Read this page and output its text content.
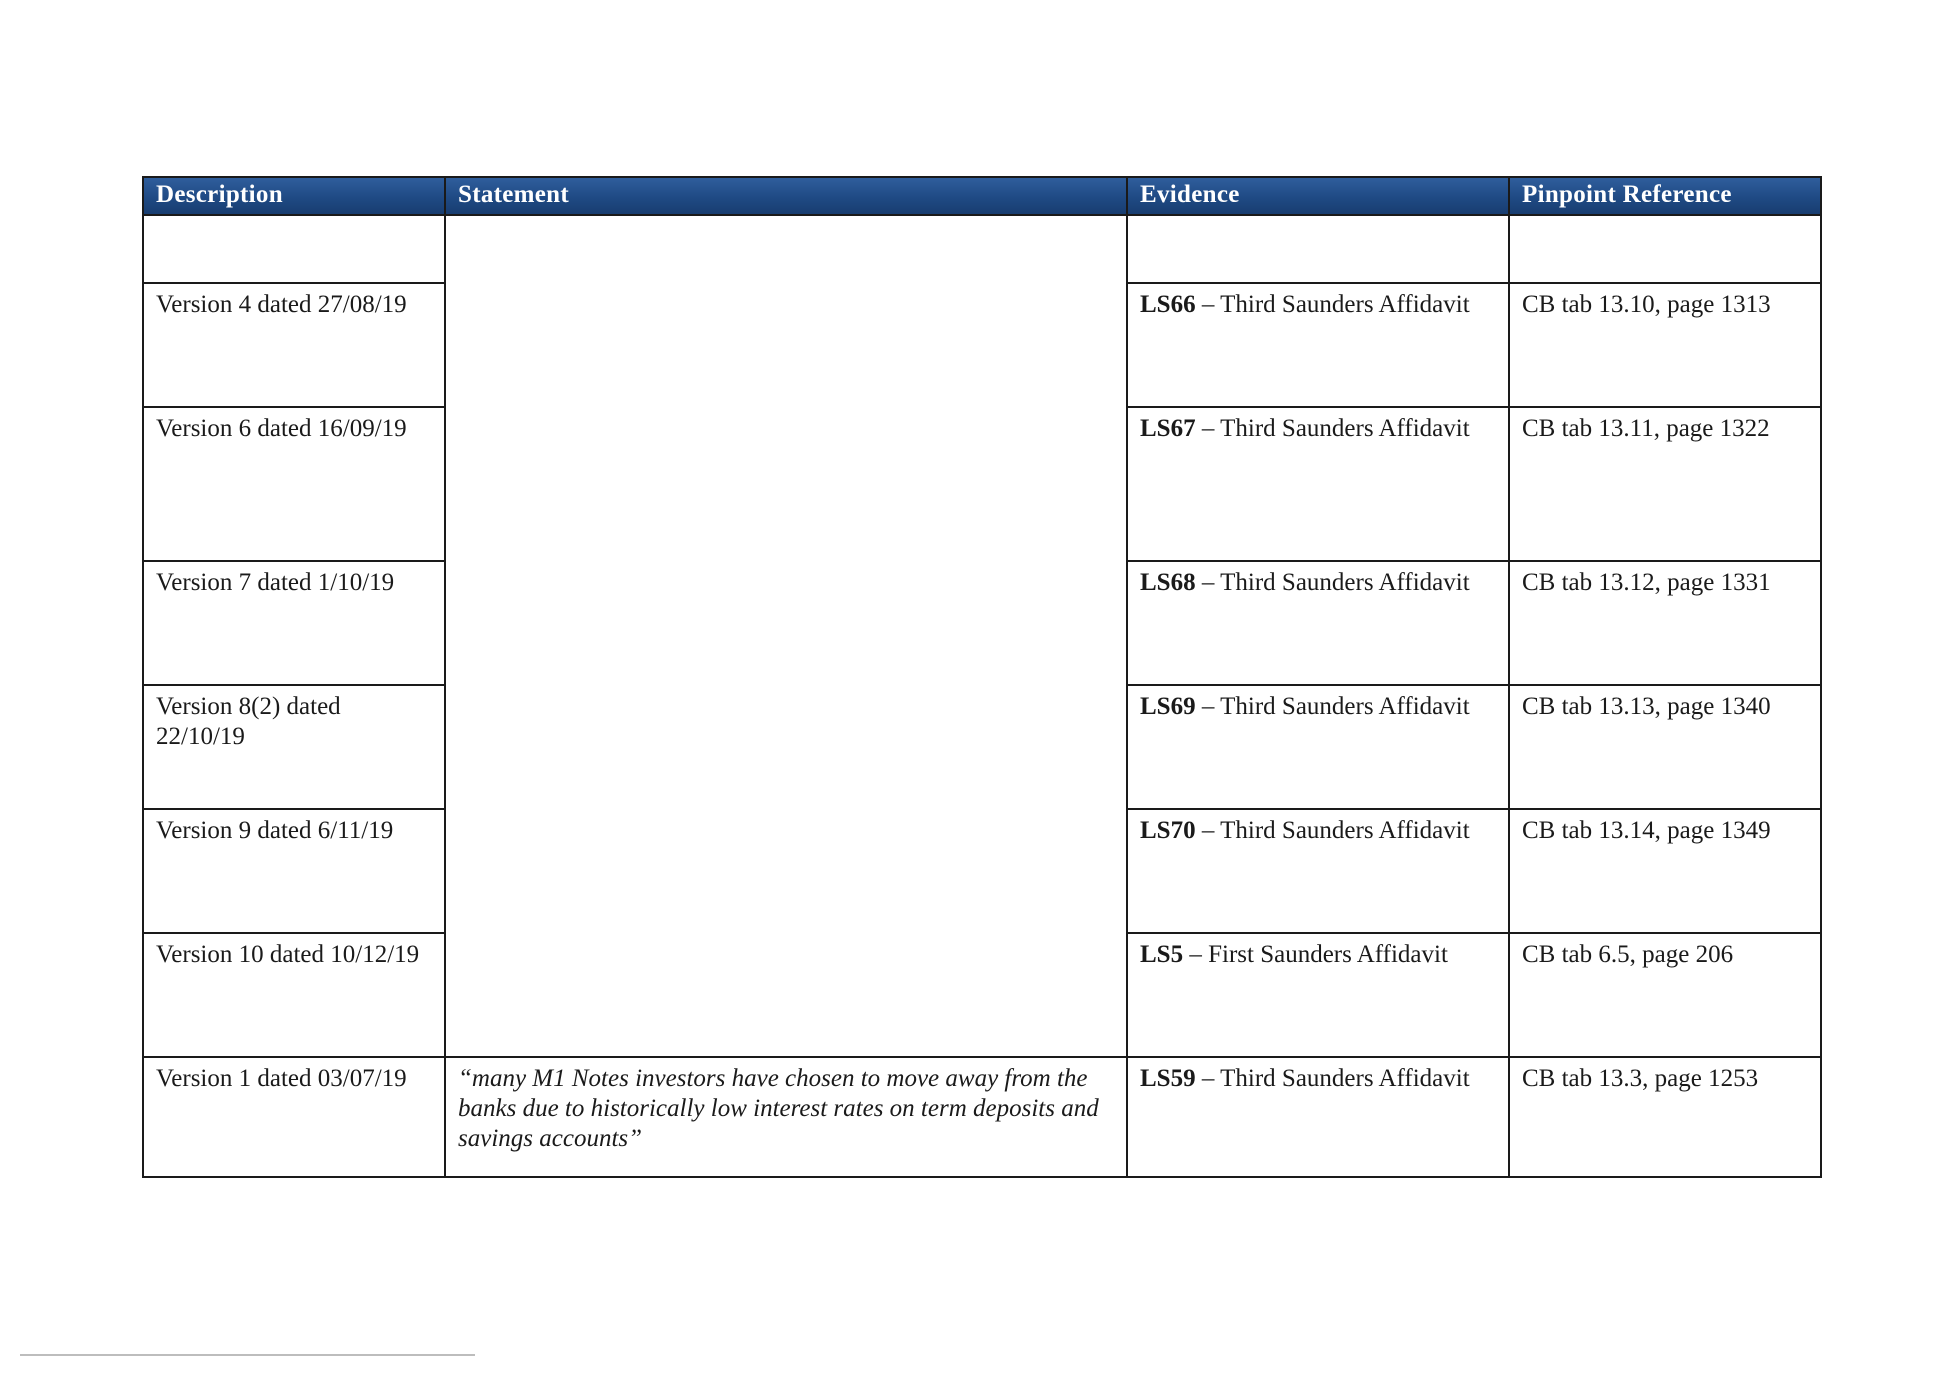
Description	Statement	Evidence	Pinpoint Reference

Version 4 dated 27/08/19		LS66 – Third Saunders Affidavit	CB tab 13.10, page 1313
Version 6 dated 16/09/19		LS67 – Third Saunders Affidavit	CB tab 13.11, page 1322
Version 7 dated 1/10/19		LS68 – Third Saunders Affidavit	CB tab 13.12, page 1331
Version 8(2) dated 22/10/19		LS69 – Third Saunders Affidavit	CB tab 13.13, page 1340
Version 9 dated 6/11/19		LS70 – Third Saunders Affidavit	CB tab 13.14, page 1349
Version 10 dated 10/12/19		LS5 – First Saunders Affidavit	CB tab 6.5, page 206
Version 1 dated 03/07/19	“many M1 Notes investors have chosen to move away from the banks due to historically low interest rates on term deposits and savings accounts”	LS59 – Third Saunders Affidavit	CB tab 13.3, page 1253
